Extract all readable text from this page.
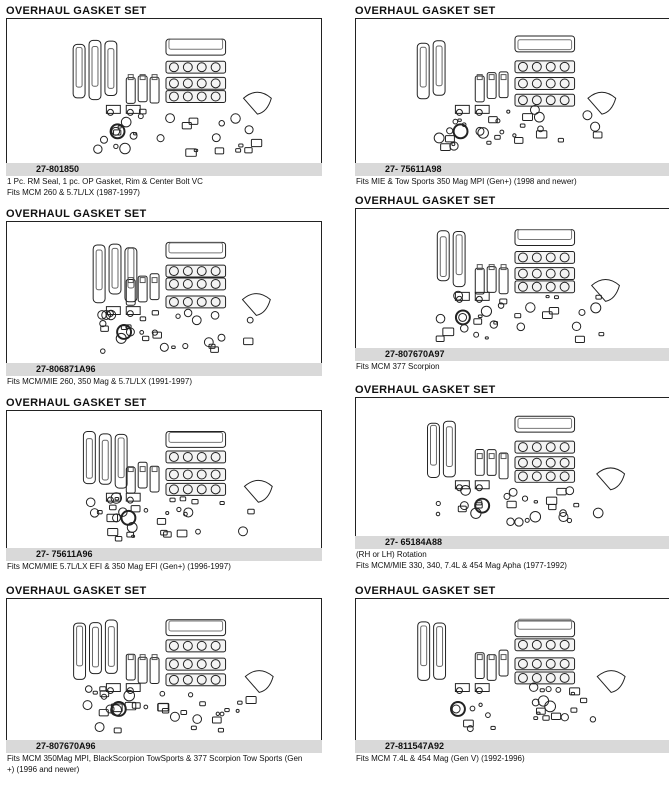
OVERHAUL GASKET SET
27-801850
1 Pc. RM Seal, 1 pc. OP Gasket, Rim & Center Bolt VC
Fits MCM 260 & 5.7L/LX (1987-1997)
OVERHAUL GASKET SET
27- 75611A98
Fits MIE & Tow Sports 350 Mag MPI (Gen+) (1998 and newer)
OVERHAUL GASKET SET
27-806871A96
Fits MCM/MIE 260, 350 Mag & 5.7L/LX (1991-1997)
OVERHAUL GASKET SET
27-807670A97
Fits MCM 377 Scorpion
OVERHAUL GASKET SET
27- 75611A96
Fits MCM/MIE 5.7L/LX EFI & 350 Mag EFI (Gen+) (1996-1997)
OVERHAUL GASKET SET
27- 65184A88
(RH or LH) Rotation
Fits MCM/MIE 330, 340, 7.4L & 454 Mag Apha (1977-1992)
OVERHAUL GASKET SET
27-807670A96
Fits MCM 350Mag MPI, BlackScorpion TowSports & 377 Scorpion Tow Sports (Gen
+) (1996 and newer)
OVERHAUL GASKET SET
27-811547A92
Fits MCM 7.4L & 454 Mag (Gen V) (1992-1996)
